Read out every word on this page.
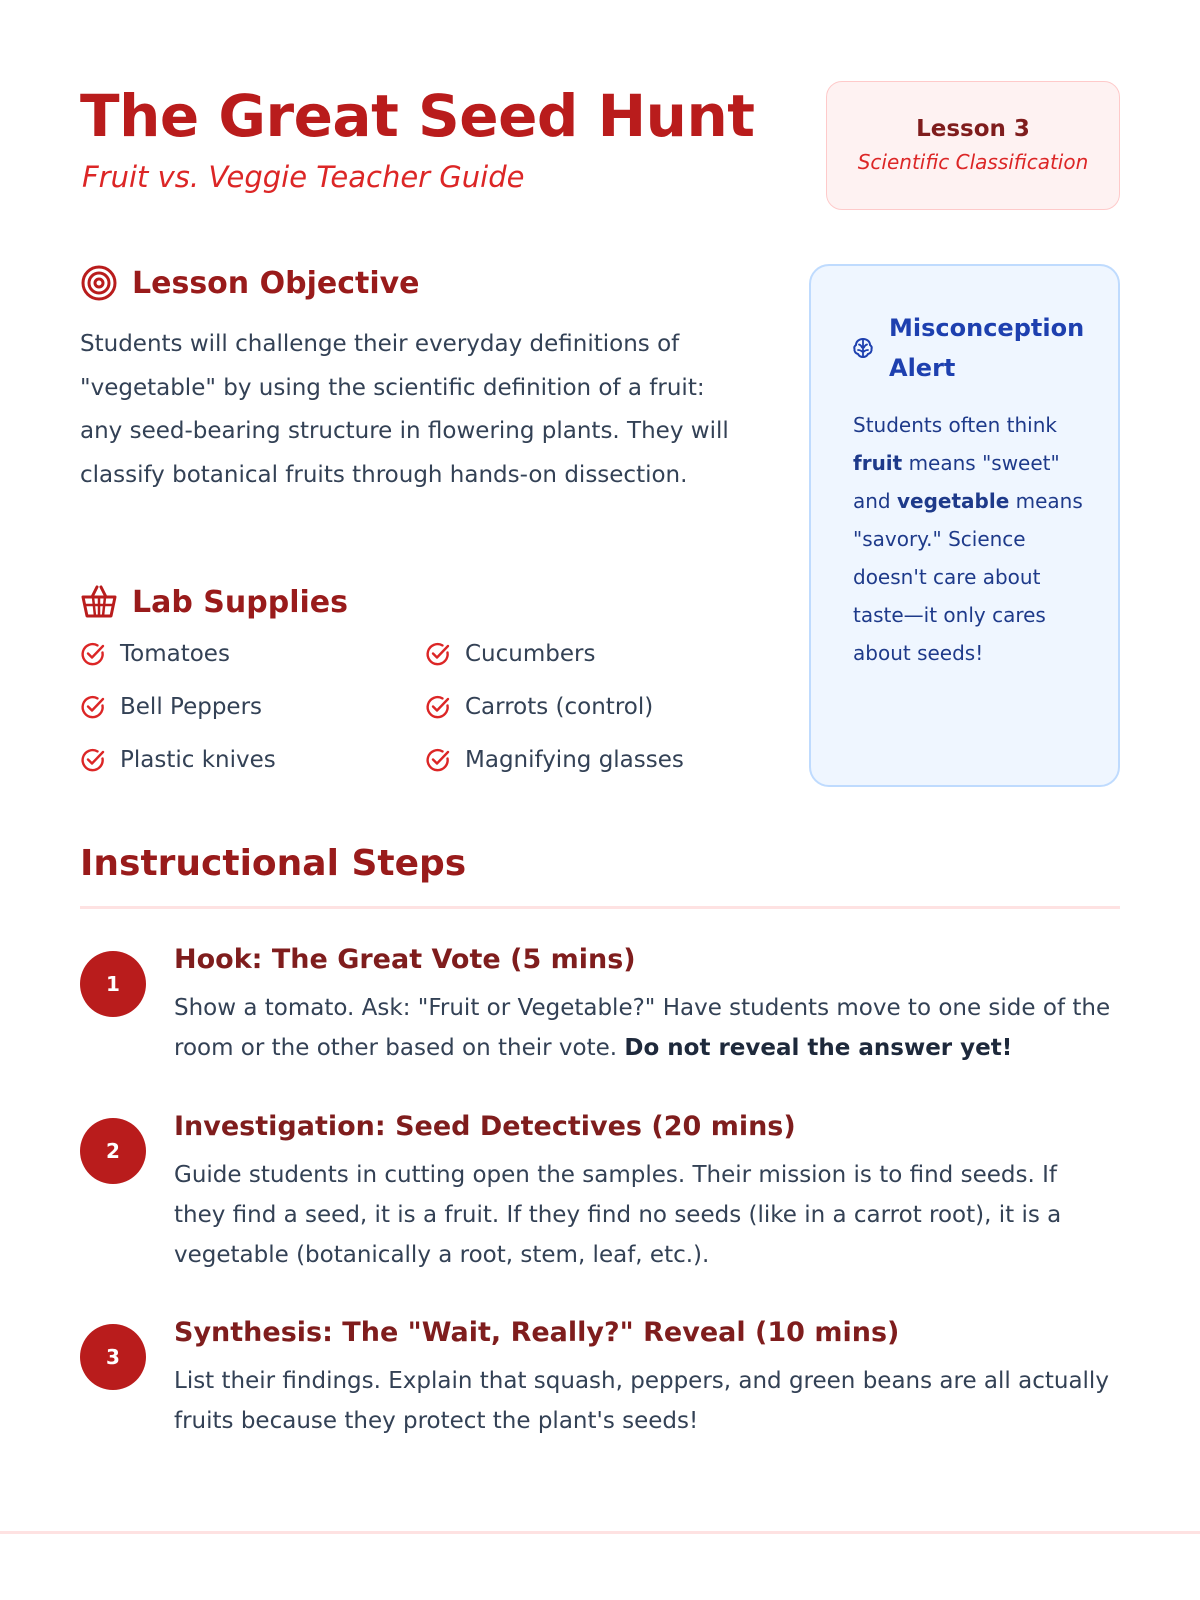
The Great Seed Hunt
Fruit vs. Veggie Teacher Guide
Lesson 3
Scientific Classification
Lesson Objective

Students will challenge their everyday definitions of "vegetable" by using the scientific definition of a fruit: any seed-bearing structure in flowering plants. They will classify botanical fruits through hands-on dissection.

Lab Supplies
Tomatoes	Cucumbers
Bell Peppers	Carrots (control)
Plastic knives	Magnifying glasses
Misconception Alert

Students often think fruit means "sweet" and vegetable means "savory." Science doesn't care about taste—it only cares about seeds!

Instructional Steps
1
Hook: The Great Vote (5 mins)

Show a tomato. Ask: "Fruit or Vegetable?" Have students move to one side of the room or the other based on their vote. Do not reveal the answer yet!

2
Investigation: Seed Detectives (20 mins)

Guide students in cutting open the samples. Their mission is to find seeds. If they find a seed, it is a fruit. If they find no seeds (like in a carrot root), it is a vegetable (botanically a root, stem, leaf, etc.).

3
Synthesis: The "Wait, Really?" Reveal (10 mins)

List their findings. Explain that squash, peppers, and green beans are all actually fruits because they protect the plant's seeds!
